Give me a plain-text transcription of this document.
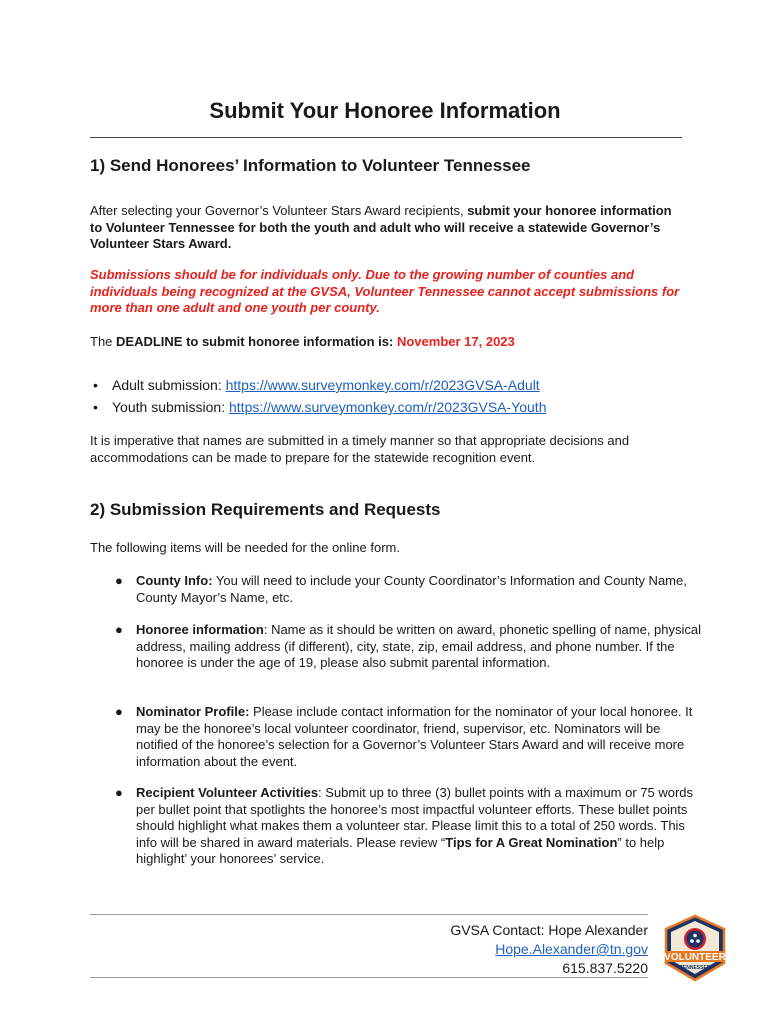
Submit Your Honoree Information
1) Send Honorees’ Information to Volunteer Tennessee

After selecting your Governor’s Volunteer Stars Award recipients, submit your honoree information to Volunteer Tennessee for both the youth and adult who will receive a statewide Governor’s Volunteer Stars Award.

Submissions should be for individuals only. Due to the growing number of counties and individuals being recognized at the GVSA, Volunteer Tennessee cannot accept submissions for more than one adult and one youth per county.

The DEADLINE to submit honoree information is: November 17, 2023

• Adult submission: https://www.surveymonkey.com/r/2023GVSA-Adult
• Youth submission: https://www.surveymonkey.com/r/2023GVSA-Youth

It is imperative that names are submitted in a timely manner so that appropriate decisions and accommodations can be made to prepare for the statewide recognition event.

2) Submission Requirements and Requests

The following items will be needed for the online form.

● County Info: You will need to include your County Coordinator’s Information and County Name, County Mayor’s Name, etc.
● Honoree information: Name as it should be written on award, phonetic spelling of name, physical address, mailing address (if different), city, state, zip, email address, and phone number. If the honoree is under the age of 19, please also submit parental information.
● Nominator Profile: Please include contact information for the nominator of your local honoree. It may be the honoree’s local volunteer coordinator, friend, supervisor, etc. Nominators will be notified of the honoree’s selection for a Governor’s Volunteer Stars Award and will receive more information about the event.
● Recipient Volunteer Activities: Submit up to three (3) bullet points with a maximum or 75 words per bullet point that spotlights the honoree’s most impactful volunteer efforts. These bullet points should highlight what makes them a volunteer star. Please limit this to a total of 250 words. This info will be shared in award materials. Please review “Tips for A Great Nomination” to help highlight’ your honorees’ service.
GVSA Contact: Hope Alexander
Hope.Alexander@tn.gov
615.837.5220
VOLUNTEER
TENNESSEE
